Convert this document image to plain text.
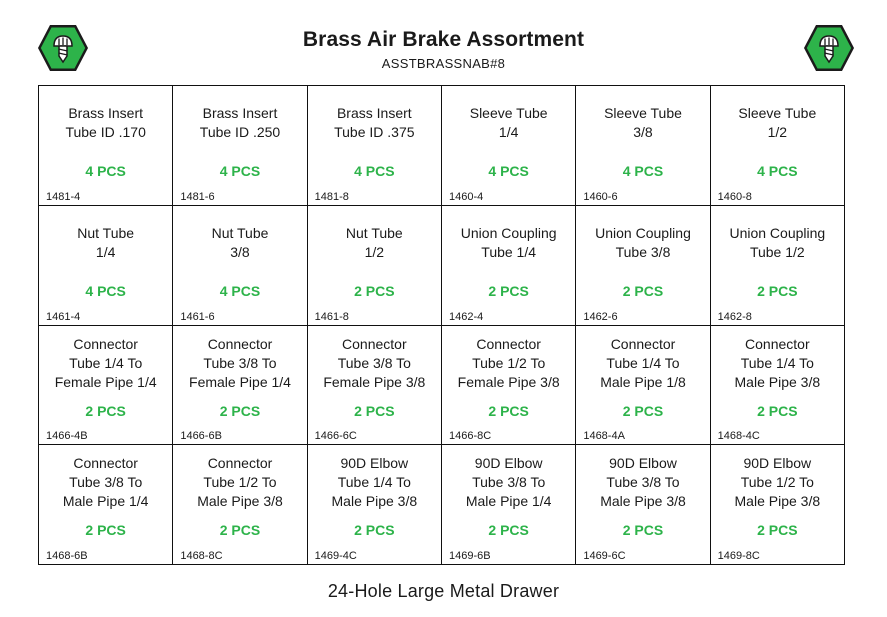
Brass Air Brake Assortment
ASSTBRASSNAB#8
Brass Insert
Tube ID .170
4 PCS
1481-4
Brass Insert
Tube ID .250
4 PCS
1481-6
Brass Insert
Tube ID .375
4 PCS
1481-8
Sleeve Tube
1/4
4 PCS
1460-4
Sleeve Tube
3/8
4 PCS
1460-6
Sleeve Tube
1/2
4 PCS
1460-8
Nut Tube
1/4
4 PCS
1461-4
Nut Tube
3/8
4 PCS
1461-6
Nut Tube
1/2
2 PCS
1461-8
Union Coupling
Tube 1/4
2 PCS
1462-4
Union Coupling
Tube 3/8
2 PCS
1462-6
Union Coupling
Tube 1/2
2 PCS
1462-8
Connector
Tube 1/4 To
Female Pipe 1/4
2 PCS
1466-4B
Connector
Tube 3/8 To
Female Pipe 1/4
2 PCS
1466-6B
Connector
Tube 3/8 To
Female Pipe 3/8
2 PCS
1466-6C
Connector
Tube 1/2 To
Female Pipe 3/8
2 PCS
1466-8C
Connector
Tube 1/4 To
Male Pipe 1/8
2 PCS
1468-4A
Connector
Tube 1/4 To
Male Pipe 3/8
2 PCS
1468-4C
Connector
Tube 3/8 To
Male Pipe 1/4
2 PCS
1468-6B
Connector
Tube 1/2 To
Male Pipe 3/8
2 PCS
1468-8C
90D Elbow
Tube 1/4 To
Male Pipe 3/8
2 PCS
1469-4C
90D Elbow
Tube 3/8 To
Male Pipe 1/4
2 PCS
1469-6B
90D Elbow
Tube 3/8 To
Male Pipe 3/8
2 PCS
1469-6C
90D Elbow
Tube 1/2 To
Male Pipe 3/8
2 PCS
1469-8C
24-Hole Large Metal Drawer
